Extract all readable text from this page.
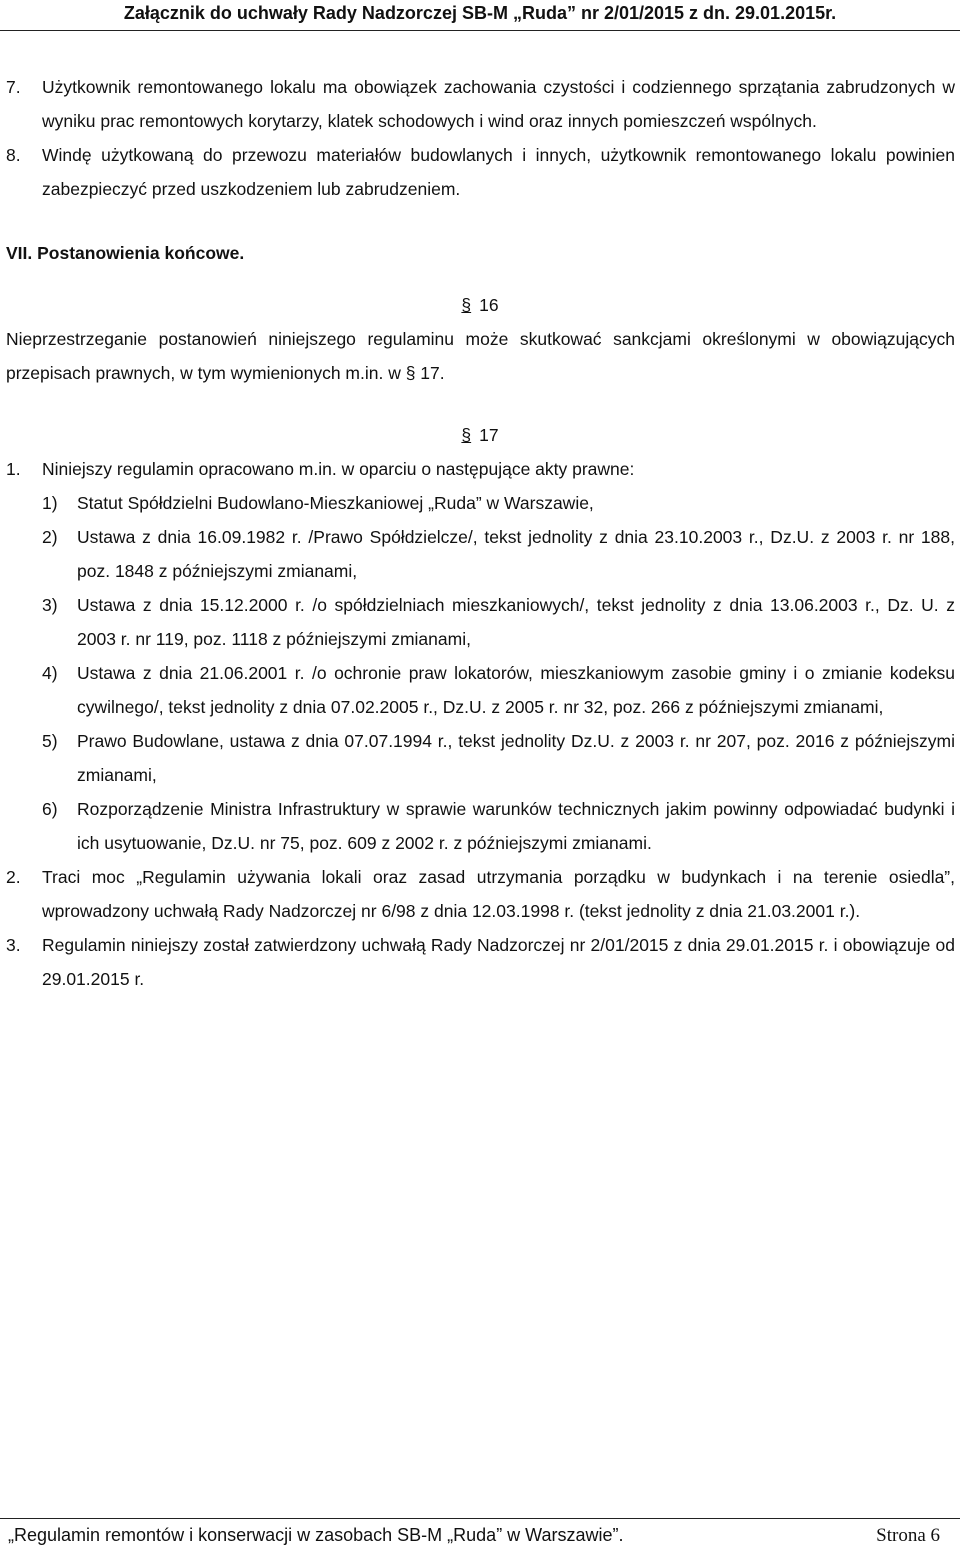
Załącznik do uchwały Rady Nadzorczej SB-M „Ruda” nr 2/01/2015 z dn. 29.01.2015r.
7. Użytkownik remontowanego lokalu ma obowiązek zachowania czystości i codziennego sprzątania zabrudzonych w wyniku prac remontowych korytarzy, klatek schodowych i wind oraz innych pomieszczeń wspólnych.
8. Windę użytkowaną do przewozu materiałów budowlanych i innych, użytkownik remontowanego lokalu powinien zabezpieczyć przed uszkodzeniem lub zabrudzeniem.
VII. Postanowienia końcowe.
§ 16
Nieprzestrzeganie postanowień niniejszego regulaminu może skutkować sankcjami określonymi w obowiązujących przepisach prawnych, w tym wymienionych m.in. w § 17.
§ 17
1. Niniejszy regulamin opracowano m.in. w oparciu o następujące akty prawne:
1) Statut Spółdzielni Budowlano-Mieszkaniowej „Ruda” w Warszawie,
2) Ustawa z dnia 16.09.1982 r. /Prawo Spółdzielcze/, tekst jednolity z dnia 23.10.2003 r., Dz.U. z 2003 r. nr 188, poz. 1848 z późniejszymi zmianami,
3) Ustawa z dnia 15.12.2000 r. /o spółdzielniach mieszkaniowych/, tekst jednolity z dnia 13.06.2003 r., Dz. U. z 2003 r. nr 119, poz. 1118 z późniejszymi zmianami,
4) Ustawa z dnia 21.06.2001 r. /o ochronie praw lokatorów, mieszkaniowym zasobie gminy i o zmianie kodeksu cywilnego/, tekst jednolity z dnia 07.02.2005 r., Dz.U. z 2005 r. nr 32, poz. 266 z późniejszymi zmianami,
5) Prawo Budowlane, ustawa z dnia 07.07.1994 r., tekst jednolity Dz.U. z 2003 r. nr 207, poz. 2016 z późniejszymi zmianami,
6) Rozporządzenie Ministra Infrastruktury w sprawie warunków technicznych jakim powinny odpowiadać budynki i ich usytuowanie, Dz.U. nr 75, poz. 609 z 2002 r. z późniejszymi zmianami.
2. Traci moc „Regulamin używania lokali oraz zasad utrzymania porządku w budynkach i na terenie osiedla”, wprowadzony uchwałą Rady Nadzorczej nr 6/98 z dnia 12.03.1998 r. (tekst jednolity z dnia 21.03.2001 r.).
3. Regulamin niniejszy został zatwierdzony uchwałą Rady Nadzorczej nr 2/01/2015 z dnia 29.01.2015 r. i obowiązuje od 29.01.2015 r.
„Regulamin remontów i konserwacji w zasobach SB-M „Ruda” w Warszawie”.	Strona 6
